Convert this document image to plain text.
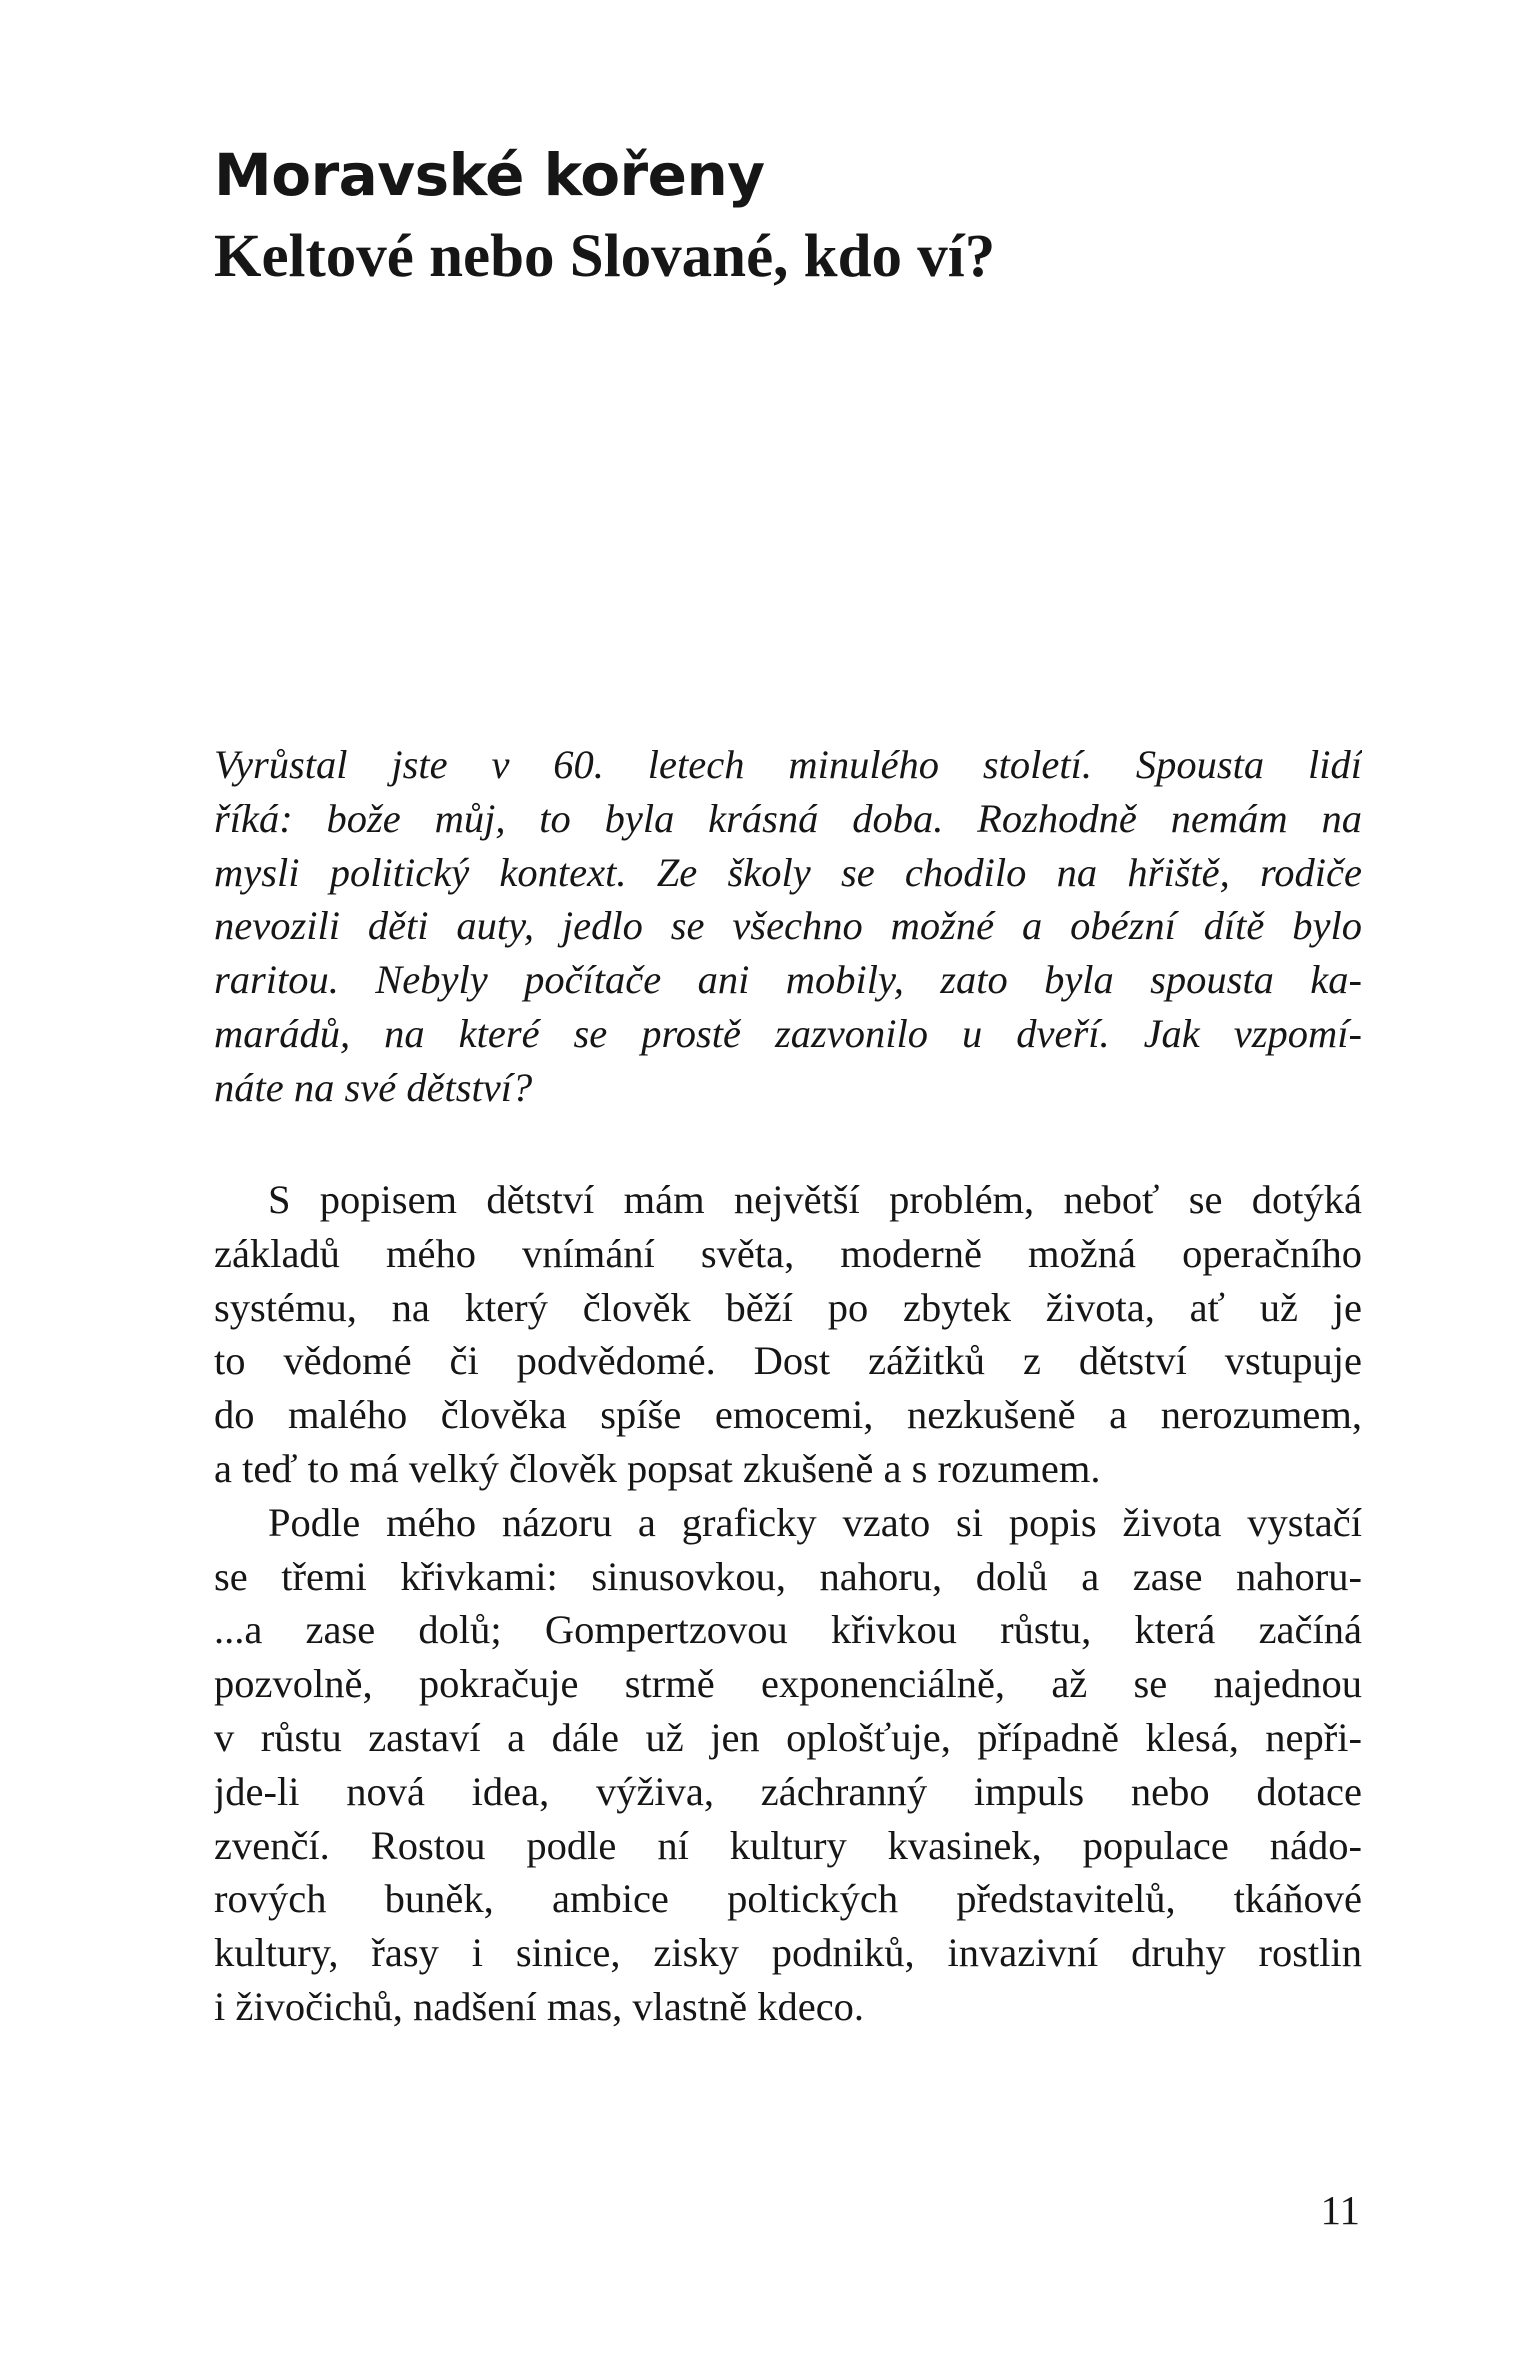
Moravské kořeny
Keltové nebo Slované, kdo ví?
Vyrůstal jste v 60. letech minulého století. Spousta lidí
říká: bože můj, to byla krásná doba. Rozhodně nemám na
mysli politický kontext. Ze školy se chodilo na hřiště, rodiče
nevozili děti auty, jedlo se všechno možné a obézní dítě bylo
raritou. Nebyly počítače ani mobily, zato byla spousta ka-
marádů, na které se prostě zazvonilo u dveří. Jak vzpomí-
náte na své dětství?
S popisem dětství mám největší problém, neboť se dotýká
základů mého vnímání světa, moderně možná operačního
systému, na který člověk běží po zbytek života, ať už je
to vědomé či podvědomé. Dost zážitků z dětství vstupuje
do malého člověka spíše emocemi, nezkušeně a nerozumem,
a teď to má velký člověk popsat zkušeně a s rozumem.
Podle mého názoru a graficky vzato si popis života vystačí
se třemi křivkami: sinusovkou, nahoru, dolů a zase nahoru-
...a zase dolů; Gompertzovou křivkou růstu, která začíná
pozvolně, pokračuje strmě exponenciálně, až se najednou
v růstu zastaví a dále už jen oplošťuje, případně klesá, nepři-
jde-li nová idea, výživa, záchranný impuls nebo dotace
zvenčí. Rostou podle ní kultury kvasinek, populace nádo-
rových buněk, ambice poltických představitelů, tkáňové
kultury, řasy i sinice, zisky podniků, invazivní druhy rostlin
i živočichů, nadšení mas, vlastně kdeco.
11
